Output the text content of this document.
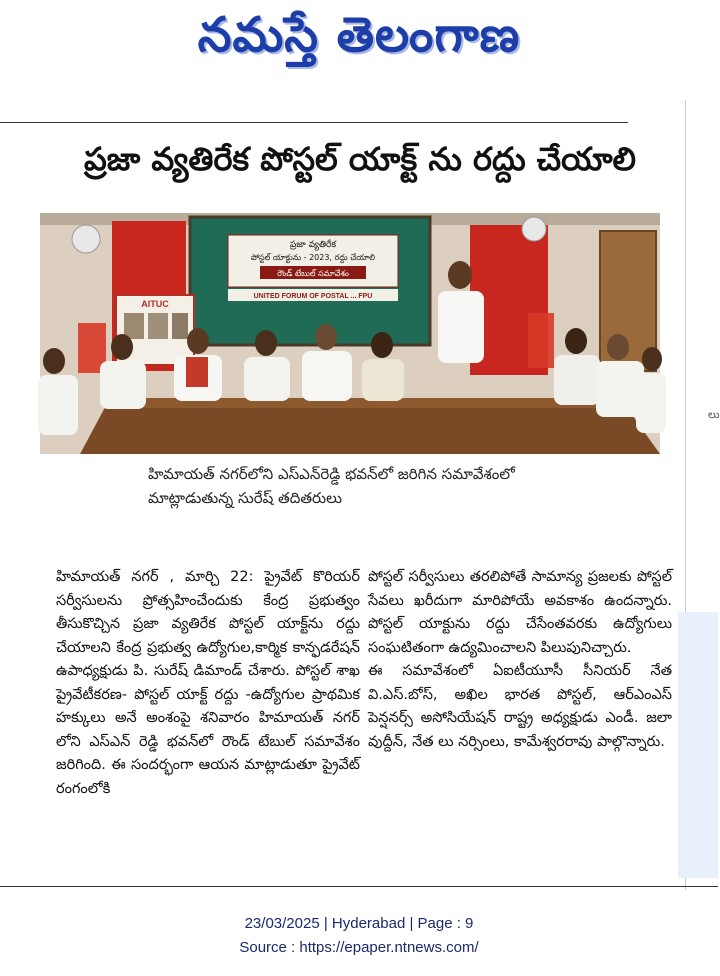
నమస్తే తెలంగాణ
లు
ప్రజా వ్యతిరేక పోస్టల్ యాక్ట్ ను రద్దు చేయాలి
ప్రజా వ్యతిరేక
పోస్టల్ యాక్టును - 2023, రద్దు చేయాలి
రౌండ్ టేబుల్ సమావేశం
UNITED FORUM OF POSTAL ... FPU
AITUC
హిమాయత్ నగర్‌లోని ఎస్ఎన్‌రెడ్డి భవన్‌లో జరిగిన సమావేశంలో
మాట్లాడుతున్న సురేష్ తదితరులు

హిమాయత్ నగర్ , మార్చి 22: ప్రైవేట్ కొరియర్ సర్వీసులను ప్రోత్సహించేందుకు కేంద్ర ప్రభుత్వం తీసుకొచ్చిన ప్రజా వ్యతిరేక పోస్టల్ యాక్ట్‌ను రద్దు చేయాలని కేంద్ర ప్రభుత్వ ఉద్యోగుల,కార్మిక కాన్ఫడరేషన్ ఉపాధ్యక్షుడు పి. సురేష్ డిమాండ్ చేశారు. పోస్టల్ శాఖ ప్రైవేటీకరణ- పోస్టల్ యాక్ట్ రద్దు -ఉద్యోగుల ప్రాథమిక హక్కులు అనే అంశంపై శనివారం హిమాయత్ నగర్ లోని ఎస్ఎన్ రెడ్డి భవన్‌లో రౌండ్ టేబుల్ సమావేశం జరిగింది. ఈ సందర్భంగా ఆయన మాట్లాడుతూ ప్రైవేట్ రంగంలోకి

పోస్టల్ సర్వీసులు తరలిపోతే సామాన్య ప్రజలకు పోస్టల్ సేవలు ఖరీదుగా మారిపోయే అవకాశం ఉందన్నారు. పోస్టల్ యాక్టును రద్దు చేసేంతవరకు ఉద్యోగులు సంఘటితంగా ఉద్యమించాలని పిలుపునిచ్చారు.

ఈ సమావేశంలో ఏఐటీయూసీ సీనియర్ నేత వి.ఎస్.బోస్, అఖిల భారత పోస్టల్, ఆర్ఎంఎస్ పెన్షనర్స్ అసోసియేషన్ రాష్ట్ర అధ్యక్షుడు ఎండీ. జలా వుద్దీన్, నేత లు నర్సింలు, కామేశ్వరరావు పాల్గొన్నారు.

23/03/2025 | Hyderabad | Page : 9
Source : https://epaper.ntnews.com/
